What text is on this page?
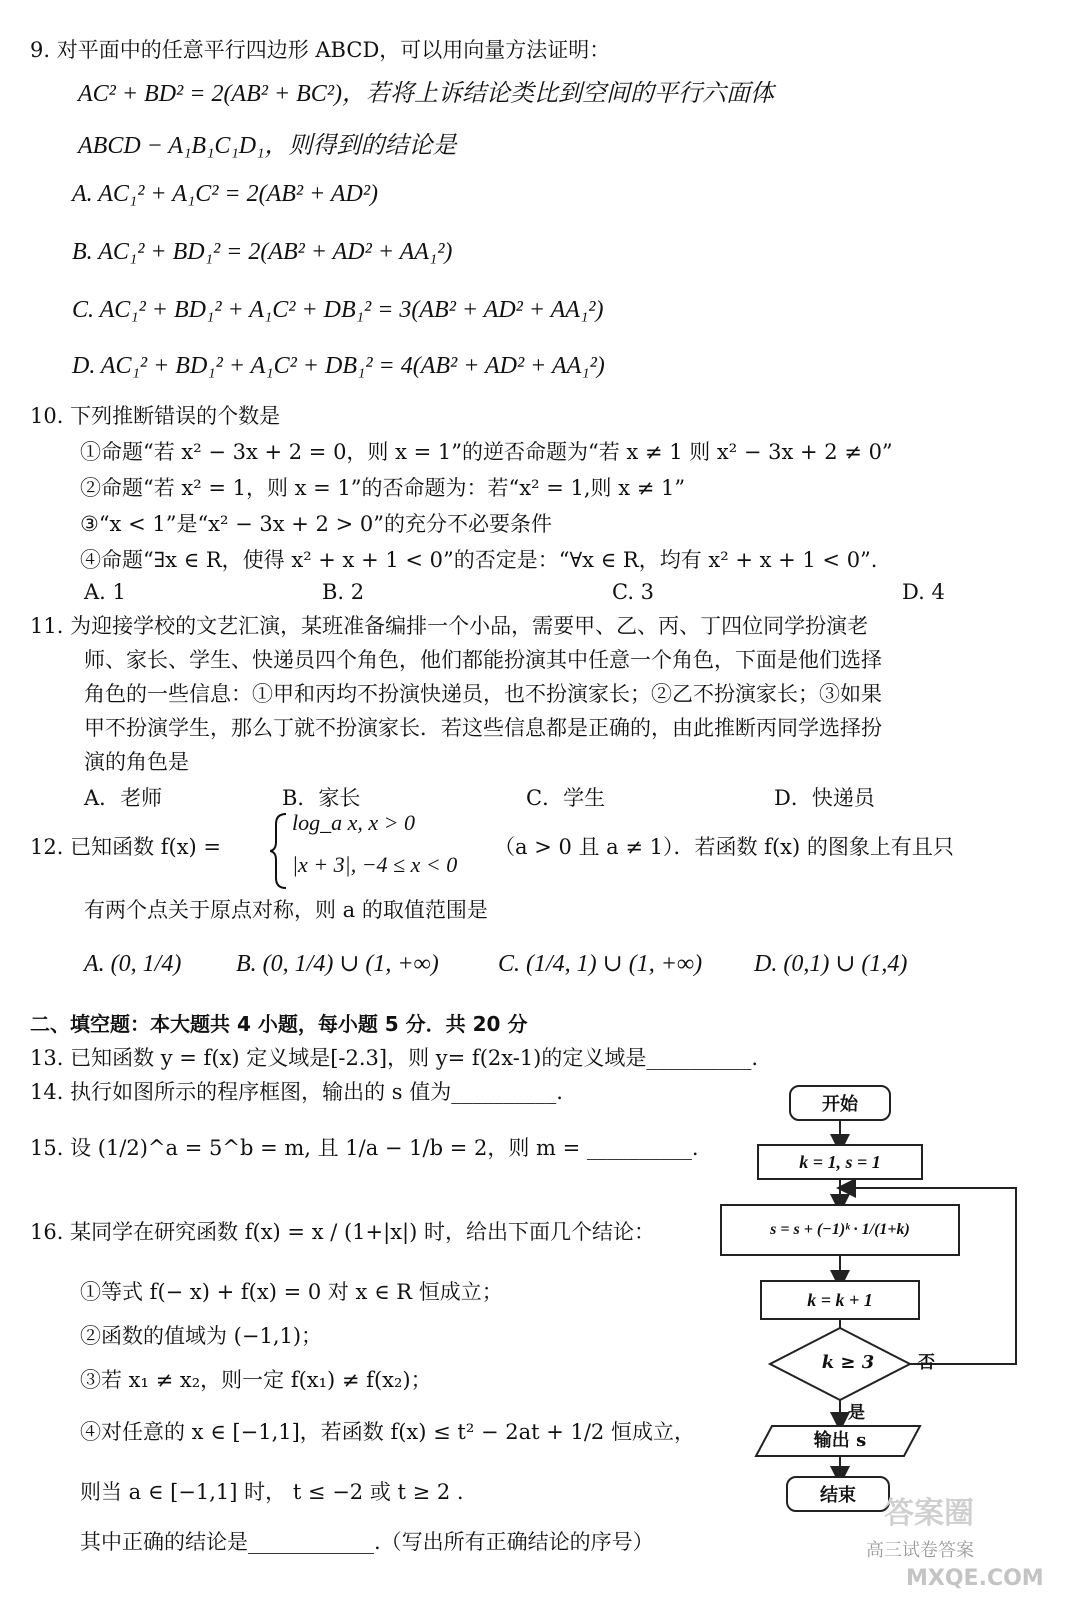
9. 对平面中的任意平行四边形 ABCD，可以用向量方法证明：
AC² + BD² = 2(AB² + BC²)，若将上诉结论类比到空间的平行六面体
ABCD − A₁B₁C₁D₁，则得到的结论是
A. AC₁² + A₁C² = 2(AB² + AD²)
B. AC₁² + BD₁² = 2(AB² + AD² + AA₁²)
C. AC₁² + BD₁² + A₁C² + DB₁² = 3(AB² + AD² + AA₁²)
D. AC₁² + BD₁² + A₁C² + DB₁² = 4(AB² + AD² + AA₁²)
10. 下列推断错误的个数是
①命题“若 x² − 3x + 2 = 0，则 x = 1”的逆否命题为“若 x ≠ 1 则 x² − 3x + 2 ≠ 0”
②命题“若 x² = 1，则 x = 1”的否命题为：若“x² = 1,则 x ≠ 1”
③“x < 1”是“x² − 3x + 2 > 0”的充分不必要条件
④命题“∃x ∈ R，使得 x² + x + 1 < 0”的否定是：“∀x ∈ R，均有 x² + x + 1 < 0”.
A. 1	B. 2	C. 3	D. 4
11. 为迎接学校的文艺汇演，某班准备编排一个小品，需要甲、乙、丙、丁四位同学扮演老
师、家长、学生、快递员四个角色，他们都能扮演其中任意一个角色，下面是他们选择
角色的一些信息：①甲和丙均不扮演快递员，也不扮演家长；②乙不扮演家长；③如果
甲不扮演学生，那么丁就不扮演家长．若这些信息都是正确的，由此推断丙同学选择扮
演的角色是
A．老师	B．家长	C．学生	D．快递员
12. 已知函数 f(x) =
log_a x, x > 0
|x + 3|, −4 ≤ x < 0
（a > 0 且 a ≠ 1）．若函数 f(x) 的图象上有且只
有两个点关于原点对称，则 a 的取值范围是
A. (0, 1/4) B. (0, 1/4) ∪ (1, +∞) C. (1/4, 1) ∪ (1, +∞) D. (0,1) ∪ (1,4)
二、填空题：本大题共 4 小题，每小题 5 分．共 20 分
13. 已知函数 y = f(x) 定义域是[-2.3]，则 y= f(2x-1)的定义域是__________.
14. 执行如图所示的程序框图，输出的 s 值为__________.
15. 设 (1/2)^a = 5^b = m, 且 1/a − 1/b = 2，则 m = __________.
16. 某同学在研究函数 f(x) = x / (1+|x|) 时，给出下面几个结论：
①等式 f(− x) + f(x) = 0 对 x ∈ R 恒成立；
②函数的值域为 (−1,1)；
③若 x₁ ≠ x₂，则一定 f(x₁) ≠ f(x₂)；
④对任意的 x ∈ [−1,1]，若函数 f(x) ≤ t² − 2at + 1/2 恒成立，
则当 a ∈ [−1,1] 时， t ≤ −2 或 t ≥ 2 .
其中正确的结论是____________.（写出所有正确结论的序号）
开始
k = 1, s = 1
s = s + (−1)ᵏ · 1/(1+k)
k = k + 1
k ≥ 3	否
是
输出 s
结束
答案圈
高三试卷答案
MXQE.COM
